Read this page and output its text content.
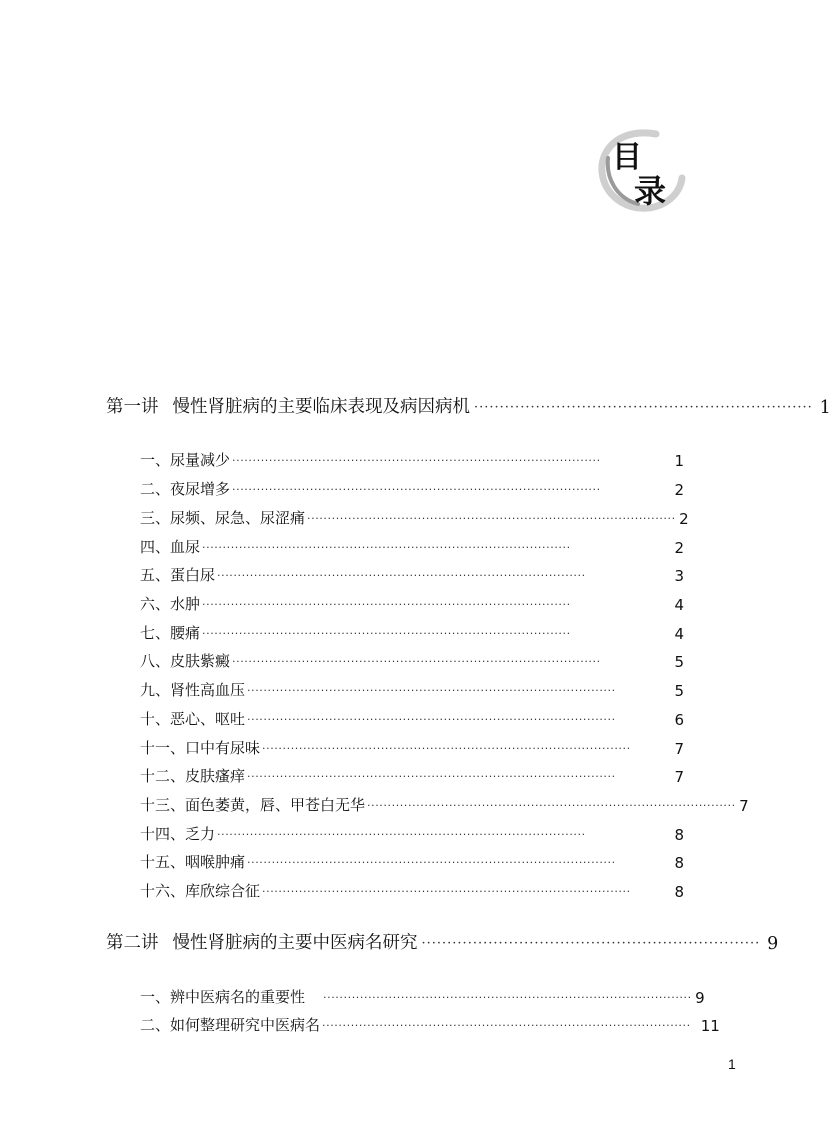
目
录
第一讲 慢性肾脏病的主要临床表现及病因病机 ·································································· 1
一、尿量减少 ··························································································	1
二、夜尿增多 ··························································································	2
三、尿频、尿急、尿涩痛 ·························································································· 2
四、血尿 ··························································································	2
五、蛋白尿 ··························································································	3
六、水肿 ··························································································	4
七、腰痛 ··························································································	4
八、皮肤紫癜 ··························································································	5
九、肾性高血压 ··························································································	5
十、恶心、呕吐 ··························································································	6
十一、口中有尿味 ··························································································	7
十二、皮肤瘙痒 ··························································································	7
十三、面色萎黄，唇、甲苍白无华 ·························································································· 7
十四、乏力 ··························································································	8
十五、咽喉肿痛 ··························································································	8
十六、库欣综合征 ··························································································	8
第二讲 慢性肾脏病的主要中医病名研究 ·································································· 9
一、辨中医病名的重要性 ·························································································· 9
二、如何整理研究中医病名 ·························································································· 11
1
